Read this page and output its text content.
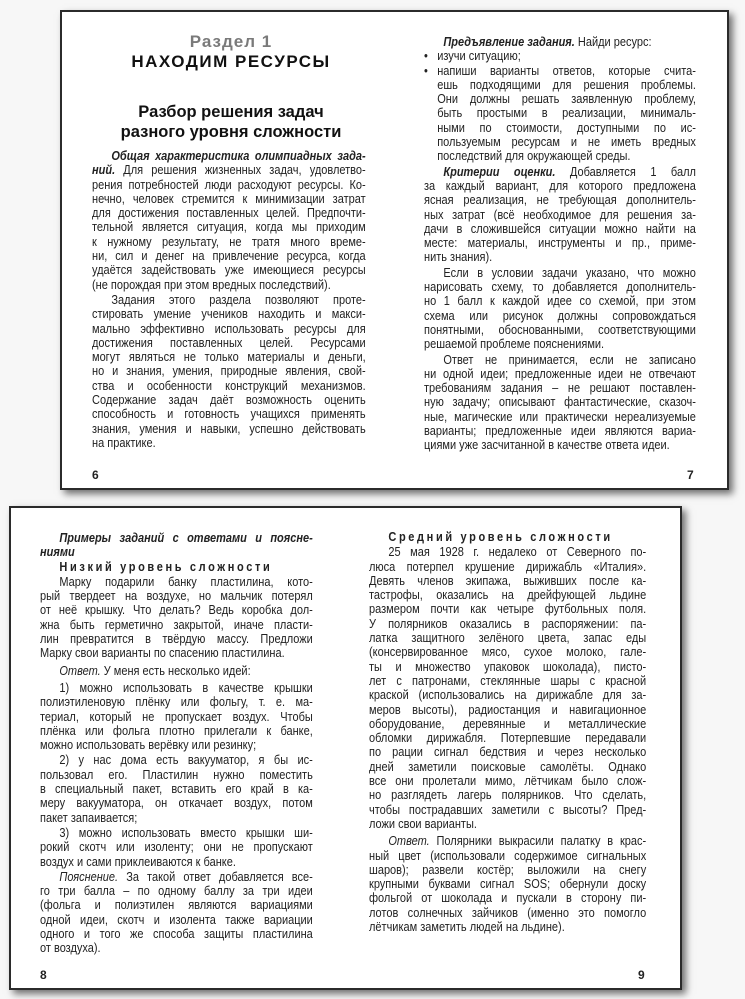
Раздел 1
НАХОДИМ РЕСУРСЫ
Разбор решения задач
разного уровня сложности
Общая характеристика олимпиадных зада-
ний. Для решения жизненных задач, удовлетво-
рения потребностей люди расходуют ресурсы. Ко-
нечно, человек стремится к минимизации затрат
для достижения поставленных целей. Предпочти-
тельной является ситуация, когда мы приходим
к нужному результату, не тратя много време-
ни, сил и денег на привлечение ресурса, когда
удаётся задействовать уже имеющиеся ресурсы
(не порождая при этом вредных последствий).
Задания этого раздела позволяют проте-
стировать умение учеников находить и макси-
мально эффективно использовать ресурсы для
достижения поставленных целей. Ресурсами
могут являться не только материалы и деньги,
но и знания, умения, природные явления, свой-
ства и особенности конструкций механизмов.
Содержание задач даёт возможность оценить
способность и готовность учащихся применять
знания, умения и навыки, успешно действовать
на практике.
6
Предъявление задания. Найди ресурс:
• изучи ситуацию;
• напиши варианты ответов, которые счита-
ешь подходящими для решения проблемы.
Они должны решать заявленную проблему,
быть простыми в реализации, минималь-
ными по стоимости, доступными по ис-
пользуемым ресурсам и не иметь вредных
последствий для окружающей среды.
Критерии оценки. Добавляется 1 балл
за каждый вариант, для которого предложена
ясная реализация, не требующая дополнитель-
ных затрат (всё необходимое для решения за-
дачи в сложившейся ситуации можно найти на
месте: материалы, инструменты и пр., приме-
нить знания).
Если в условии задачи указано, что можно
нарисовать схему, то добавляется дополнитель-
но 1 балл к каждой идее со схемой, при этом
схема или рисунок должны сопровождаться
понятными, обоснованными, соответствующими
решаемой проблеме пояснениями.
Ответ не принимается, если не записано
ни одной идеи; предложенные идеи не отвечают
требованиям задания – не решают поставлен-
ную задачу; описывают фантастические, сказоч-
ные, магические или практически нереализуемые
варианты; предложенные идеи являются вариа-
циями уже засчитанной в качестве ответа идеи.
7
Примеры заданий с ответами и поясне-
ниями
Низкий уровень сложности
Марку подарили банку пластилина, кото-
рый твердеет на воздухе, но мальчик потерял
от неё крышку. Что делать? Ведь коробка дол-
жна быть герметично закрытой, иначе пласти-
лин превратится в твёрдую массу. Предложи
Марку свои варианты по спасению пластилина.
Ответ. У меня есть несколько идей:
1) можно использовать в качестве крышки
полиэтиленовую плёнку или фольгу, т. е. ма-
териал, который не пропускает воздух. Чтобы
плёнка или фольга плотно прилегали к банке,
можно использовать верёвку или резинку;
2) у нас дома есть вакууматор, я бы ис-
пользовал его. Пластилин нужно поместить
в специальный пакет, вставить его край в ка-
меру вакууматора, он откачает воздух, потом
пакет запаивается;
3) можно использовать вместо крышки ши-
рокий скотч или изоленту; они не пропускают
воздух и сами приклеиваются к банке.
Пояснение. За такой ответ добавляется все-
го три балла – по одному баллу за три идеи
(фольга и полиэтилен являются вариациями
одной идеи, скотч и изолента также вариации
одного и того же способа защиты пластилина
от воздуха).
8
Средний уровень сложности
25 мая 1928 г. недалеко от Северного по-
люса потерпел крушение дирижабль «Италия».
Девять членов экипажа, выживших после ка-
тастрофы, оказались на дрейфующей льдине
размером почти как четыре футбольных поля.
У полярников оказались в распоряжении: па-
латка защитного зелёного цвета, запас еды
(консервированное мясо, сухое молоко, гале-
ты и множество упаковок шоколада), писто-
лет с патронами, стеклянные шары с красной
краской (использовались на дирижабле для за-
меров высоты), радиостанция и навигационное
оборудование, деревянные и металлические
обломки дирижабля. Потерпевшие передавали
по рации сигнал бедствия и через несколько
дней заметили поисковые самолёты. Однако
все они пролетали мимо, лётчикам было слож-
но разглядеть лагерь полярников. Что сделать,
чтобы пострадавших заметили с высоты? Пред-
ложи свои варианты.
Ответ. Полярники выкрасили палатку в крас-
ный цвет (использовали содержимое сигнальных
шаров); развели костёр; выложили на снегу
крупными буквами сигнал SOS; обернули доску
фольгой от шоколада и пускали в сторону пи-
лотов солнечных зайчиков (именно это помогло
лётчикам заметить людей на льдине).
9
